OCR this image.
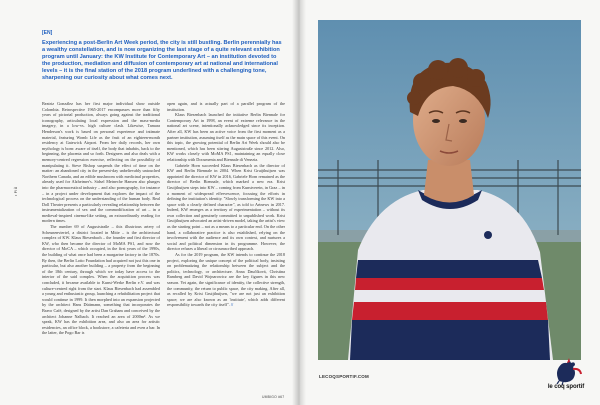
• PIÙ
[EN]
Experiencing a post-Berlin Art Week period, the city is still bustling. Berlin perennially has a wealthy constellation, and is now organizing the last stage of a quite relevant exhibition program until January: the KW Institute for Contemporary Art – an institution devoted to the production, mediation and diffusion of contemporary art at national and international levels – it is the final station of the 2018 program underlined with a challenging tone, sharpening our curiosity about what comes next.

Beatriz González has her first major individual show outside Colombia. Retrospective 1965-2017 encompasses more than fifty years of pictorial production, always going against the traditional iconography, articulating local expression and the mass-media imagery, in a low-vs. high culture clash. Likewise, Tamara Henderson's work is based on personal experience and intimate material, featuring Womb Life as the fruit of an eighteen-month residency at Gatewick Airport. From her daily records, her own mythology is born: aware of itself, the body that inhabits, back to the beginning, the placenta and so forth. Designers and also deals with a memory-centred regression exercise, reflecting on the possibility of manipulating it. Steve Bishop suspends the effect of time on the matter: an abandoned city in the present-day unbelievably untouched Northern Canada, and an edible mushroom with medicinal properties, already used for Alzheimer's. Sidsel Meineche Hansen also plunges into the pharmaceutical industry – and also pornography, for instance – in a project under development that explores the impact of the technological process on the understanding of the human body. Real Doll Theater presents a particularly revealing relationship between the instrumentalization of sex and the commodification of art – in a medieval-inspired cinema-like setting, an extraordinarily reading for modern times.

The number 69 of Auguststraße – this illustrious artery of Scheunenviertel, a district located in Mitte – is the architectural complex of KW. Klaus Biesenbach – the founder and first director of KW, who then became the director of MoMA PS1, and now the director of MoCA – which occupied, in the first years of the 1990s, the building of what once had been a margarine factory in the 1870s. By then, the Berlin Lotto Foundation had acquired not just this one in particular, but also another building – a property from the beginning of the 18th century, through which we today have access to the interior of the said complex. When the acquisition process was concluded, it became available to Kunst-Werke Berlin e.V. and was culture-centred right from the start. Klaus Biesenbach had assembled a young and enthusiastic group, launching a rehabilitation project that would continue in 1999. It then morphed into an expansion projected by the architect Hans Düttmann, something that incorporates the Bravo Café, designed by the artist Dan Graham and conceived by the architect Johanne Nalbach. It reached an area of 2000m². As we speak, KW has the exhibition area, and also an area for artistic residencies, an office block, a bookstore, a cafeteria and even a bar. In the latter, the Pogo Bar is

open again, and is actually part of a parallel program of the institution.

Klaus Biesenbach launched the initiative Berlin Biennale for Contemporary Art in 1998, an event of extreme relevance in the national art scene, intentionally acknowledged since its inception. After all, KW has been an active voice from the first moment as a partner institution, assuming itself as the main space of this event. On this topic, the growing potential of Berlin Art Week should also be mentioned, which has been stirring Auguststraße since 2012. Also, KW works closely with MoMA PS1, maintaining an equally close relationship with Documenta and Biennale di Venezia.

Gabriele Horn succeeded Klaus Biesenbach as the director of KW and Berlin Biennale in 2004. When Krist Gruijthuijsen was appointed the director of KW in 2016, Gabriele Horn remained as the director of Berlin Biennale, which marked a new era. Krist Gruijthuijsen steps into KW – coming from Kunstverein, in Graz – in a moment of widespread effervescence, focusing the efforts in defining the institution's identity. "Slowly transforming the KW into a space with a clearly defined character", as told to Artnews in 2017. Indeed, KW emerges as a territory of experimentation – without its own collection and genuinely committed to unpublished work. Krist Gruijthuijsen advocated an artist-driven model, taking the artist's view as the starting point – not as a means to a particular end. On the other hand, a collaborative practice is also established, relying on the involvement with the audience and its own context, and nurtures a social and political dimension in its programme. However, the director refuses a liberal or circumscribed approach.

As for the 2019 program, the KW intends to continue the 2018 project, exploring the unique concept of the political body, insisting on problematizing the relationship between the subject and the politics, technology, or architecture. Anna Daučíková, Christina Ramberg and David Wojnarowicz are the key figures in this new season. Yet again, the significance of identity, the collective strength, the community, the return to public space, the city making. After all, as recalled by Krist Gruijthuijsen, "we are not just an exhibition space; we are also known as an 'institute', which adds different responsibility towards the city itself". //

UMBIGO #67
LECOQSPORTIF.COM
le coq sportif
